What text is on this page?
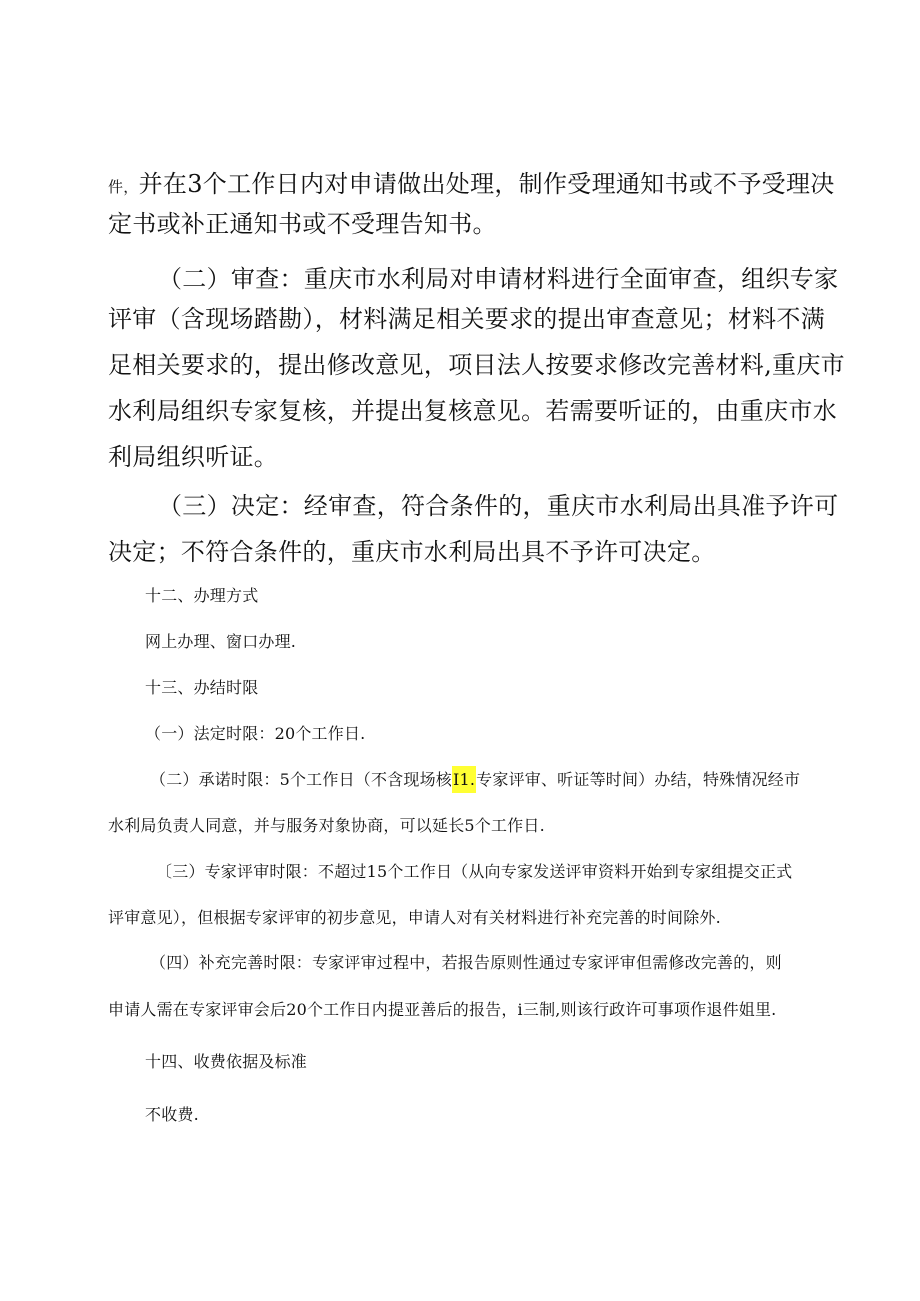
件，并在3个工作日内对申请做出处理，制作受理通知书或不予受理决
定书或补正通知书或不受理告知书。
（二）审查：重庆市水利局对申请材料进行全面审查，组织专家
评审（含现场踏勘），材料满足相关要求的提出审查意见；材料不满
足相关要求的，提出修改意见，项目法人按要求修改完善材料,重庆市
水利局组织专家复核，并提出复核意见。若需要听证的，由重庆市水
利局组织听证。
（三）决定：经审查，符合条件的，重庆市水利局出具准予许可
决定；不符合条件的，重庆市水利局出具不予许可决定。
十二、办理方式
网上办理、窗口办理.
十三、办结时限
（一）法定时限：20个工作日.
（二）承诺时限：5个工作日（不含现场核I1.专家评审、听证等时间）办结，特殊情况经市
水利局负责人同意，并与服务对象协商，可以延长5个工作日.
〔三）专家评审时限：不超过15个工作日（从向专家发送评审资料开始到专家组提交正式
评审意见），但根据专家评审的初步意见，申请人对有关材料进行补充完善的时间除外.
（四）补充完善时限：专家评审过程中，若报告原则性通过专家评审但需修改完善的，则
申请人需在专家评审会后20个工作日内提亚善后的报告，i三制,则该行政许可事项作退件姐里.
十四、收费依据及标准
不收费.
